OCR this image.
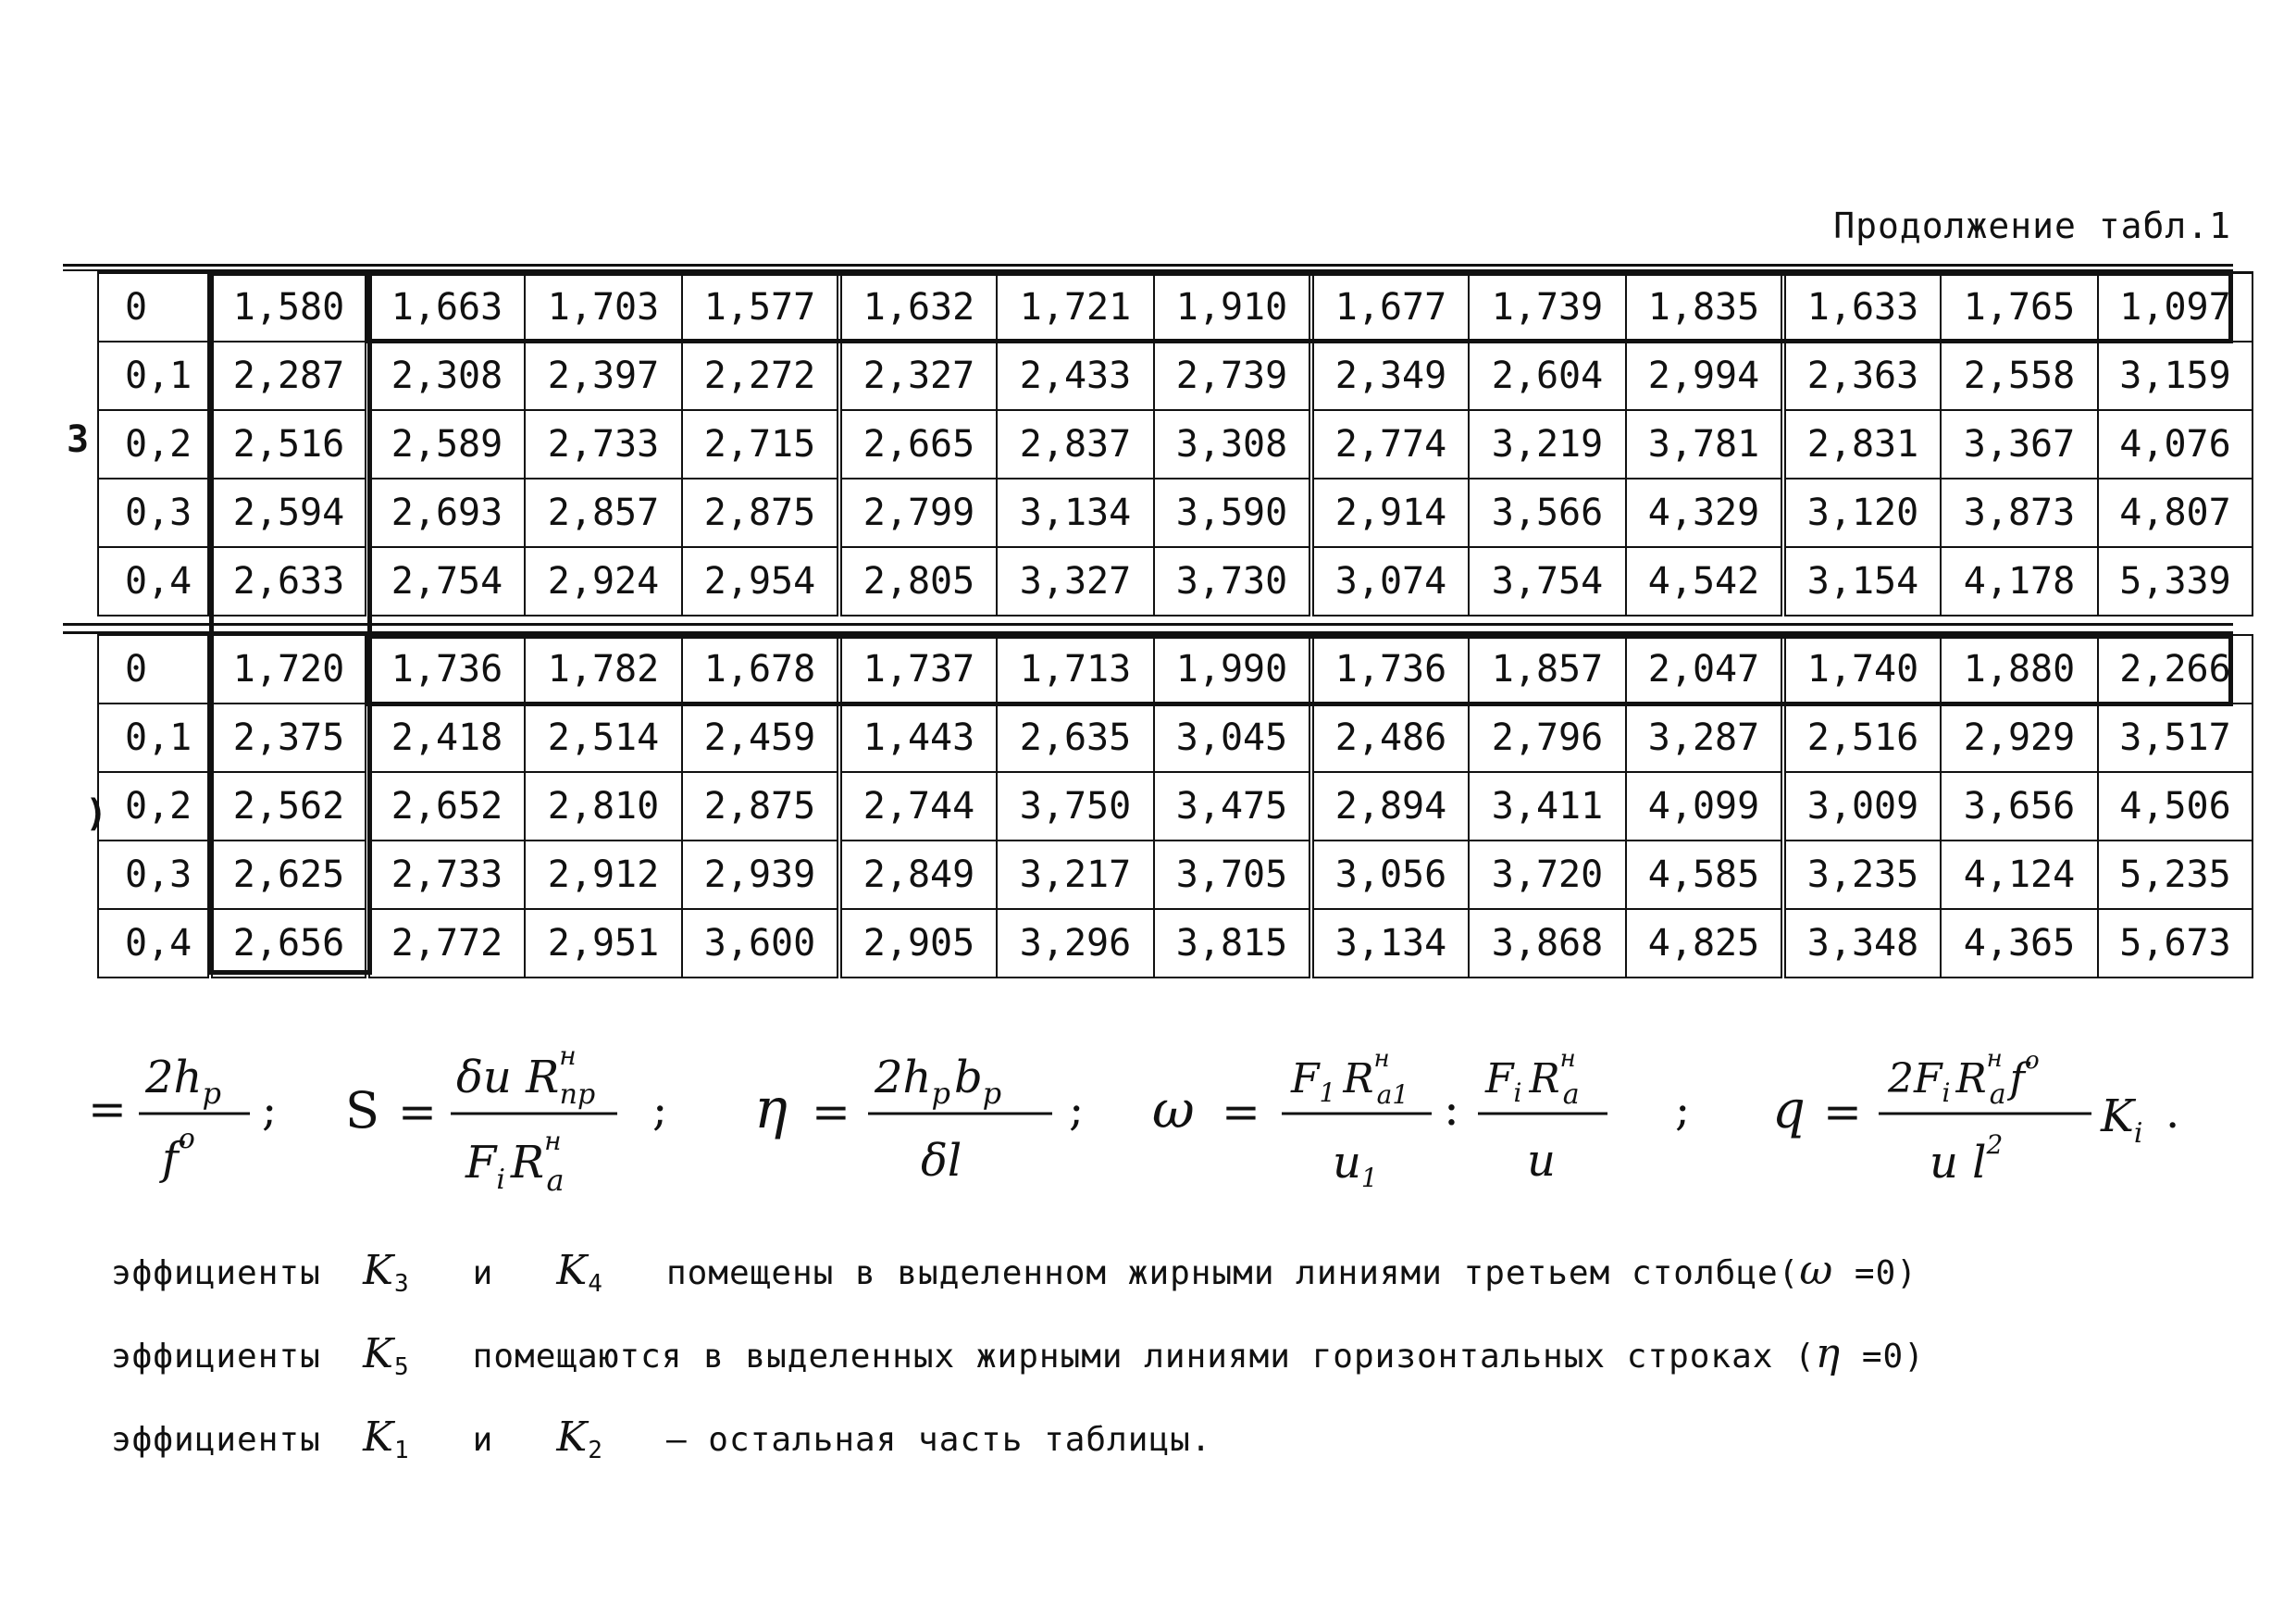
Продолжение табл.1
3
)
0	1,580	1,663	1,703	1,577	1,632	1,721	1,910	1,677	1,739	1,835	1,633	1,765	1,097
0,1	2,287	2,308	2,397	2,272	2,327	2,433	2,739	2,349	2,604	2,994	2,363	2,558	3,159
0,2	2,516	2,589	2,733	2,715	2,665	2,837	3,308	2,774	3,219	3,781	2,831	3,367	4,076
0,3	2,594	2,693	2,857	2,875	2,799	3,134	3,590	2,914	3,566	4,329	3,120	3,873	4,807
0,4	2,633	2,754	2,924	2,954	2,805	3,327	3,730	3,074	3,754	4,542	3,154	4,178	5,339
0	1,720	1,736	1,782	1,678	1,737	1,713	1,990	1,736	1,857	2,047	1,740	1,880	2,266
0,1	2,375	2,418	2,514	2,459	1,443	2,635	3,045	2,486	2,796	3,287	2,516	2,929	3,517
0,2	2,562	2,652	2,810	2,875	2,744	3,750	3,475	2,894	3,411	4,099	3,009	3,656	4,506
0,3	2,625	2,733	2,912	2,939	2,849	3,217	3,705	3,056	3,720	4,585	3,235	4,124	5,235
0,4	2,656	2,772	2,951	3,600	2,905	3,296	3,815	3,134	3,868	4,825	3,348	4,365	5,673
=
$2h_p$
$f^o$
; S =
δu $R^н$ пр
$F_i$ $R^н$ a
; η =
$2h_pb_p$
δl
; ω =
$F_1$ $R^н$ a1
$u_1$
:
$F_i$ $R^н$ a
u
; q =
$2F_i$ $R^н$ $af^o$
u $l^2$
$K_i$ .
эффициенты $K_3$ и $K_4$ помещены в выделенном жирными линиями третьем столбце(ω =0)
эффициенты $K_5$ помещаются в выделенных жирными линиями горизонтальных строках (η =0)
эффициенты $K_1$ и $K_2$ – остальная часть таблицы.
